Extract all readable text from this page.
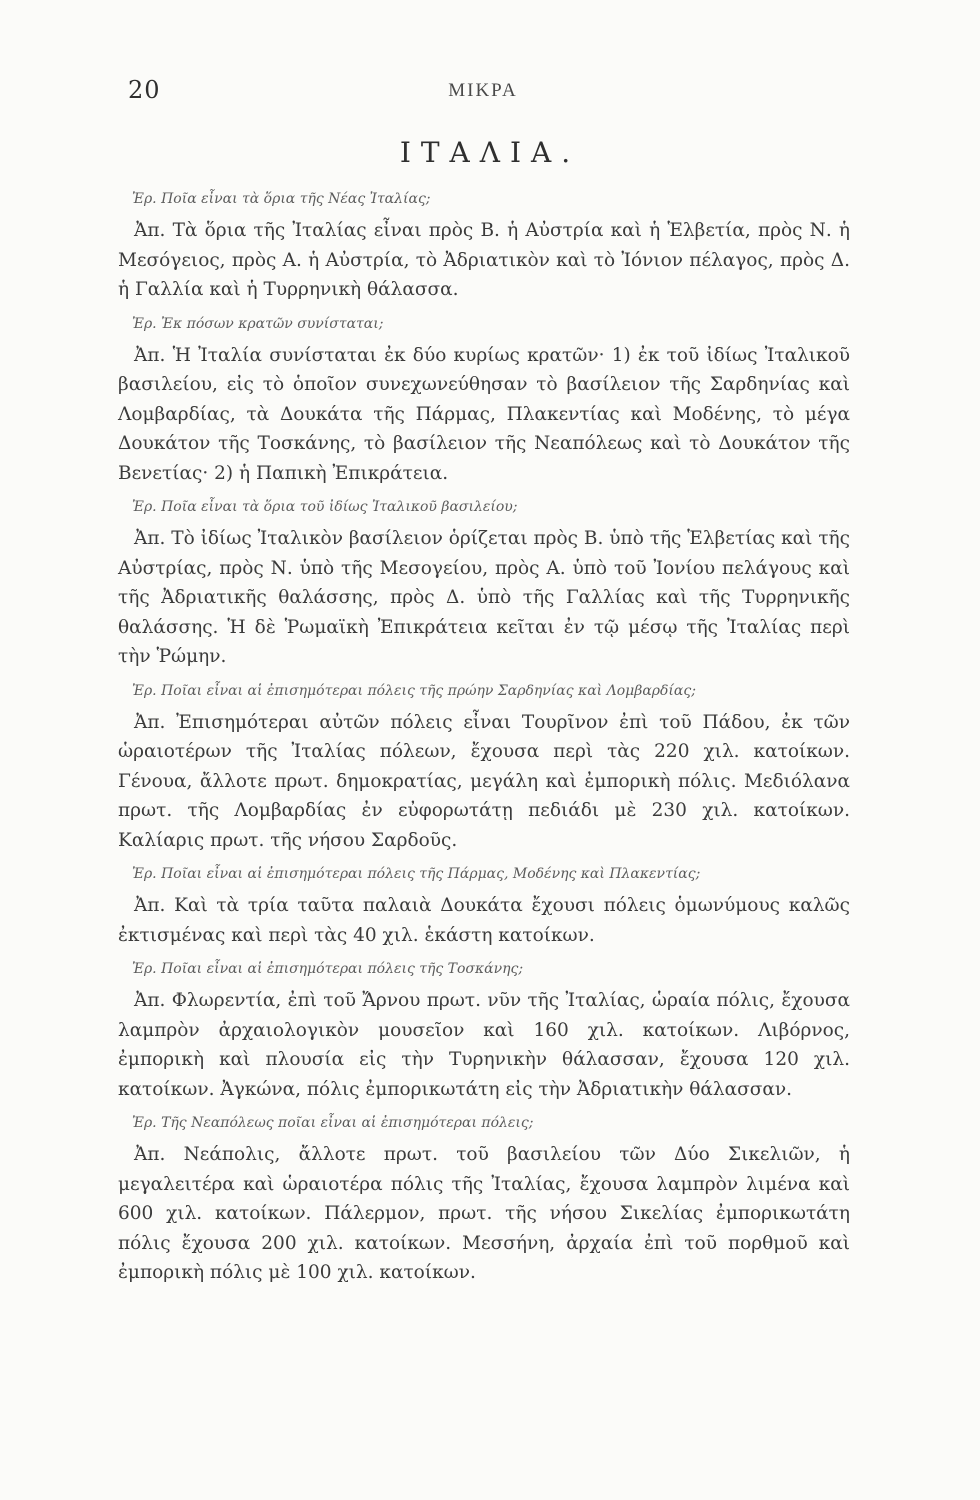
20	ΜΙΚΡΑ
ΙΤΑΛΙΑ.
Ἐρ. Ποῖα εἶναι τὰ ὅρια τῆς Νέας Ἰταλίας;
Ἀπ. Τὰ ὅρια τῆς Ἰταλίας εἶναι πρὸς Β. ἡ Αὐστρία καὶ ἡ Ἑλβετία, πρὸς Ν. ἡ Μεσόγειος, πρὸς Α. ἡ Αὐστρία, τὸ Ἀδριατικὸν καὶ τὸ Ἰόνιον πέλαγος, πρὸς Δ. ἡ Γαλλία καὶ ἡ Τυρρηνικὴ θάλασσα.
Ἐρ. Ἐκ πόσων κρατῶν συνίσταται;
Ἀπ. Ἡ Ἰταλία συνίσταται ἐκ δύο κυρίως κρατῶν· 1) ἐκ τοῦ ἰδίως Ἰταλικοῦ βασιλείου, εἰς τὸ ὁποῖον συνεχωνεύθησαν τὸ βασίλειον τῆς Σαρδηνίας καὶ Λομβαρδίας, τὰ Δουκάτα τῆς Πάρμας, Πλακεντίας καὶ Μοδένης, τὸ μέγα Δουκάτον τῆς Τοσκάνης, τὸ βασίλειον τῆς Νεαπόλεως καὶ τὸ Δουκάτον τῆς Βενετίας· 2) ἡ Παπικὴ Ἐπικράτεια.
Ἐρ. Ποῖα εἶναι τὰ ὅρια τοῦ ἰδίως Ἰταλικοῦ βασιλείου;
Ἀπ. Τὸ ἰδίως Ἰταλικὸν βασίλειον ὁρίζεται πρὸς Β. ὑπὸ τῆς Ἑλβετίας καὶ τῆς Αὐστρίας, πρὸς Ν. ὑπὸ τῆς Μεσογείου, πρὸς Α. ὑπὸ τοῦ Ἰονίου πελάγους καὶ τῆς Ἀδριατικῆς θαλάσσης, πρὸς Δ. ὑπὸ τῆς Γαλλίας καὶ τῆς Τυρρηνικῆς θαλάσσης. Ἡ δὲ Ῥωμαϊκὴ Ἐπικράτεια κεῖται ἐν τῷ μέσῳ τῆς Ἰταλίας περὶ τὴν Ῥώμην.
Ἐρ. Ποῖαι εἶναι αἱ ἐπισημότεραι πόλεις τῆς πρώην Σαρδηνίας καὶ Λομβαρδίας;
Ἀπ. Ἐπισημότεραι αὐτῶν πόλεις εἶναι Τουρῖνον ἐπὶ τοῦ Πάδου, ἐκ τῶν ὡραιοτέρων τῆς Ἰταλίας πόλεων, ἔχουσα περὶ τὰς 220 χιλ. κατοίκων. Γένουα, ἄλλοτε πρωτ. δημοκρατίας, μεγάλη καὶ ἐμπορικὴ πόλις. Μεδιόλανα πρωτ. τῆς Λομβαρδίας ἐν εὐφορωτάτῃ πεδιάδι μὲ 230 χιλ. κατοίκων. Καλίαρις πρωτ. τῆς νήσου Σαρδοῦς.
Ἐρ. Ποῖαι εἶναι αἱ ἐπισημότεραι πόλεις τῆς Πάρμας, Μοδένης καὶ Πλακεντίας;
Ἀπ. Καὶ τὰ τρία ταῦτα παλαιὰ Δουκάτα ἔχουσι πόλεις ὁμωνύμους καλῶς ἐκτισμένας καὶ περὶ τὰς 40 χιλ. ἑκάστη κατοίκων.
Ἐρ. Ποῖαι εἶναι αἱ ἐπισημότεραι πόλεις τῆς Τοσκάνης;
Ἀπ. Φλωρεντία, ἐπὶ τοῦ Ἄρνου πρωτ. νῦν τῆς Ἰταλίας, ὡραία πόλις, ἔχουσα λαμπρὸν ἀρχαιολογικὸν μουσεῖον καὶ 160 χιλ. κατοίκων. Λιβόρνος, ἐμπορικὴ καὶ πλουσία εἰς τὴν Τυρηνικὴν θάλασσαν, ἔχουσα 120 χιλ. κατοίκων. Ἀγκώνα, πόλις ἐμπορικωτάτη εἰς τὴν Ἀδριατικὴν θάλασσαν.
Ἐρ. Τῆς Νεαπόλεως ποῖαι εἶναι αἱ ἐπισημότεραι πόλεις;
Ἀπ. Νεάπολις, ἄλλοτε πρωτ. τοῦ βασιλείου τῶν Δύο Σικελιῶν, ἡ μεγαλειτέρα καὶ ὡραιοτέρα πόλις τῆς Ἰταλίας, ἔχουσα λαμπρὸν λιμένα καὶ 600 χιλ. κατοίκων. Πάλερμον, πρωτ. τῆς νήσου Σικελίας ἐμπορικωτάτη πόλις ἔχουσα 200 χιλ. κατοίκων. Μεσσήνη, ἀρχαία ἐπὶ τοῦ πορθμοῦ καὶ ἐμπορικὴ πόλις μὲ 100 χιλ. κατοίκων.
